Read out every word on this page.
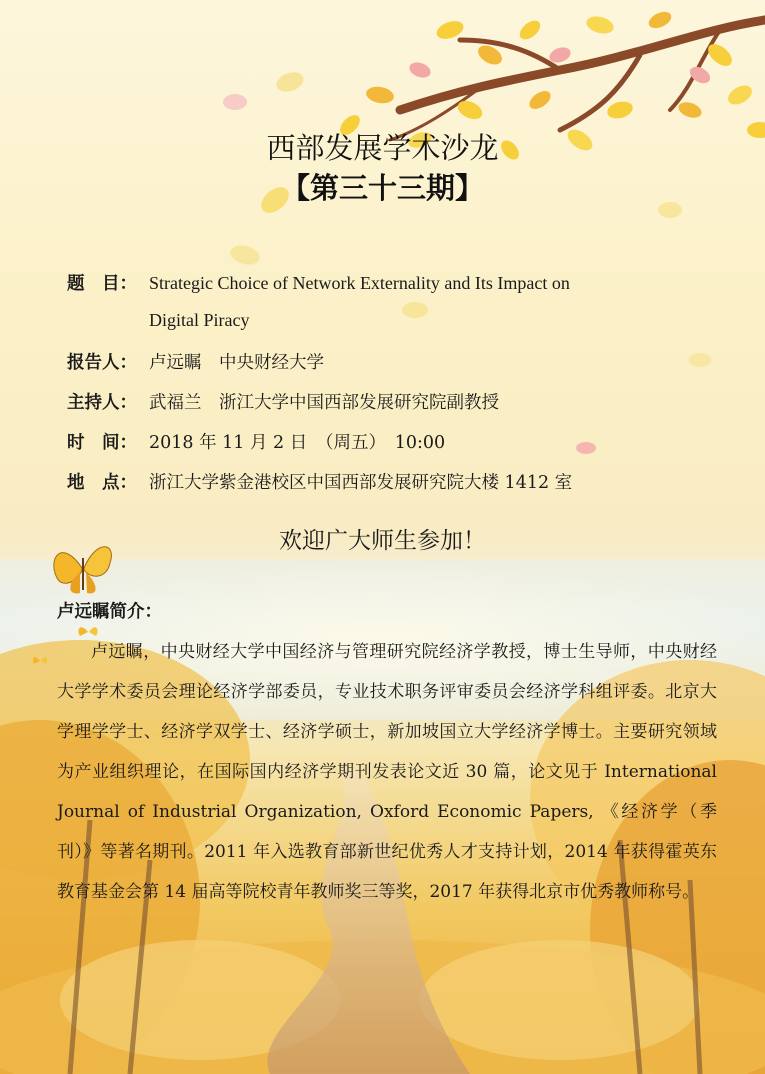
西部发展学术沙龙
【第三十三期】
题　目： Strategic Choice of Network Externality and Its Impact on
Digital Piracy
报告人： 卢远瞩　中央财经大学
主持人： 武福兰　浙江大学中国西部发展研究院副教授
时　间： 2018 年 11 月 2 日　（周五）　10:00
地　点： 浙江大学紫金港校区中国西部发展研究院大楼 1412 室
欢迎广大师生参加！
卢远瞩简介：
卢远瞩，中央财经大学中国经济与管理研究院经济学教授，博士生导师，中央财经大学学术委员会理论经济学部委员，专业技术职务评审委员会经济学科组评委。北京大学理学学士、经济学双学士、经济学硕士，新加坡国立大学经济学博士。主要研究领域为产业组织理论，在国际国内经济学期刊发表论文近 30 篇，论文见于 International Journal of Industrial Organization, Oxford Economic Papers, 《经济学（季刊）》等著名期刊。2011 年入选教育部新世纪优秀人才支持计划，2014 年获得霍英东教育基金会第 14 届高等院校青年教师奖三等奖，2017 年获得北京市优秀教师称号。
